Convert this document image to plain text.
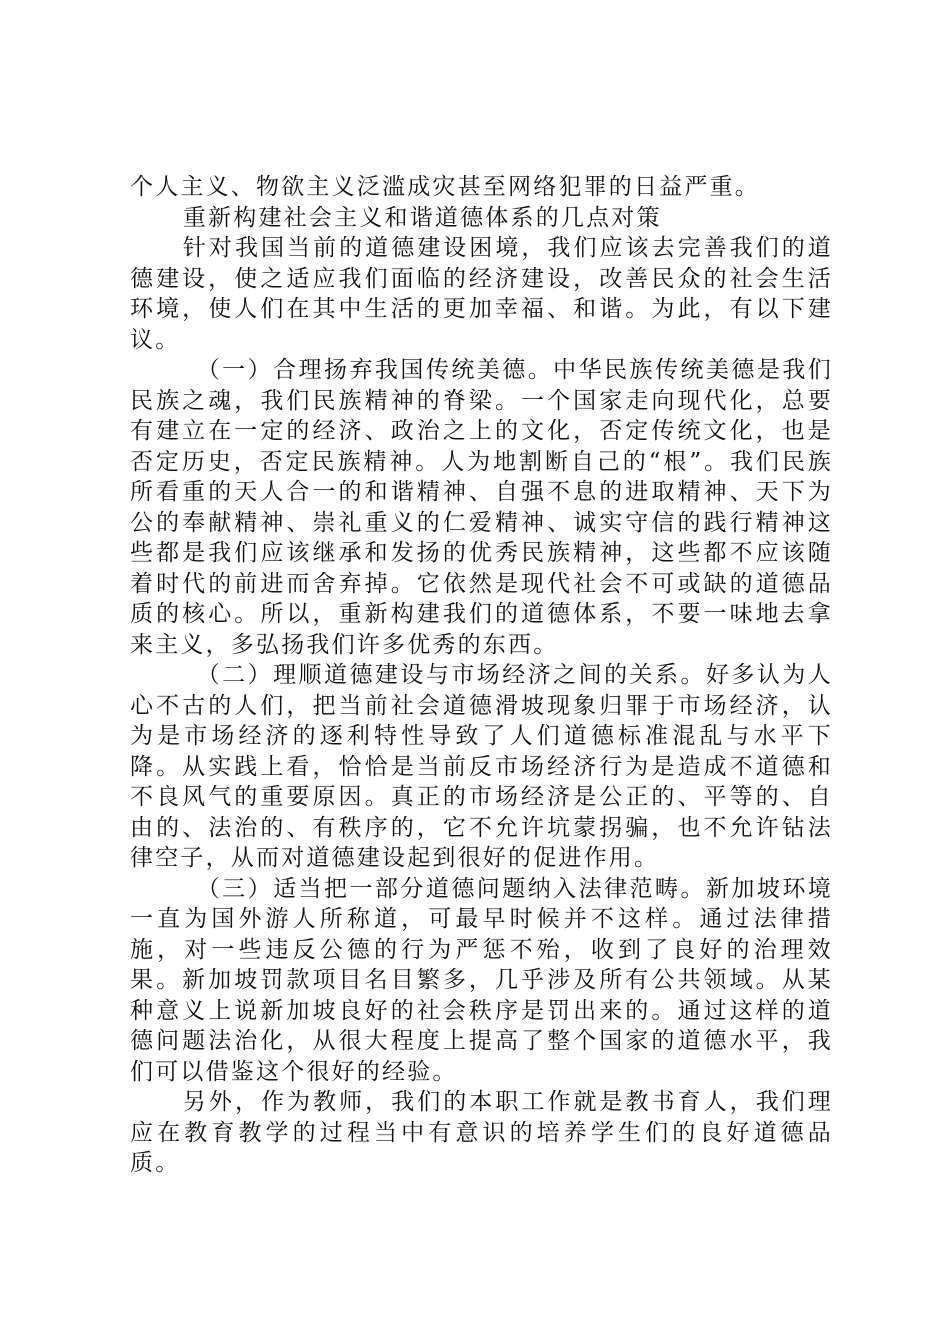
个人主义、物欲主义泛滥成灾甚至网络犯罪的日益严重。

重新构建社会主义和谐道德体系的几点对策

针对我国当前的道德建设困境，我们应该去完善我们的道德建设，使之适应我们面临的经济建设，改善民众的社会生活环境，使人们在其中生活的更加幸福、和谐。为此，有以下建议。

（一）合理扬弃我国传统美德。中华民族传统美德是我们民族之魂，我们民族精神的脊梁。一个国家走向现代化，总要有建立在一定的经济、政治之上的文化，否定传统文化，也是否定历史，否定民族精神。人为地割断自己的“根”。我们民族所看重的天人合一的和谐精神、自强不息的进取精神、天下为公的奉献精神、崇礼重义的仁爱精神、诚实守信的践行精神这些都是我们应该继承和发扬的优秀民族精神，这些都不应该随着时代的前进而舍弃掉。它依然是现代社会不可或缺的道德品质的核心。所以，重新构建我们的道德体系，不要一味地去拿来主义，多弘扬我们许多优秀的东西。

（二）理顺道德建设与市场经济之间的关系。好多认为人心不古的人们，把当前社会道德滑坡现象归罪于市场经济，认为是市场经济的逐利特性导致了人们道德标准混乱与水平下降。从实践上看，恰恰是当前反市场经济行为是造成不道德和不良风气的重要原因。真正的市场经济是公正的、平等的、自由的、法治的、有秩序的，它不允许坑蒙拐骗，也不允许钻法律空子，从而对道德建设起到很好的促进作用。

（三）适当把一部分道德问题纳入法律范畴。新加坡环境一直为国外游人所称道，可最早时候并不这样。通过法律措施，对一些违反公德的行为严惩不殆，收到了良好的治理效果。新加坡罚款项目名目繁多，几乎涉及所有公共领域。从某种意义上说新加坡良好的社会秩序是罚出来的。通过这样的道德问题法治化，从很大程度上提高了整个国家的道德水平，我们可以借鉴这个很好的经验。

另外，作为教师，我们的本职工作就是教书育人，我们理应在教育教学的过程当中有意识的培养学生们的良好道德品质。
